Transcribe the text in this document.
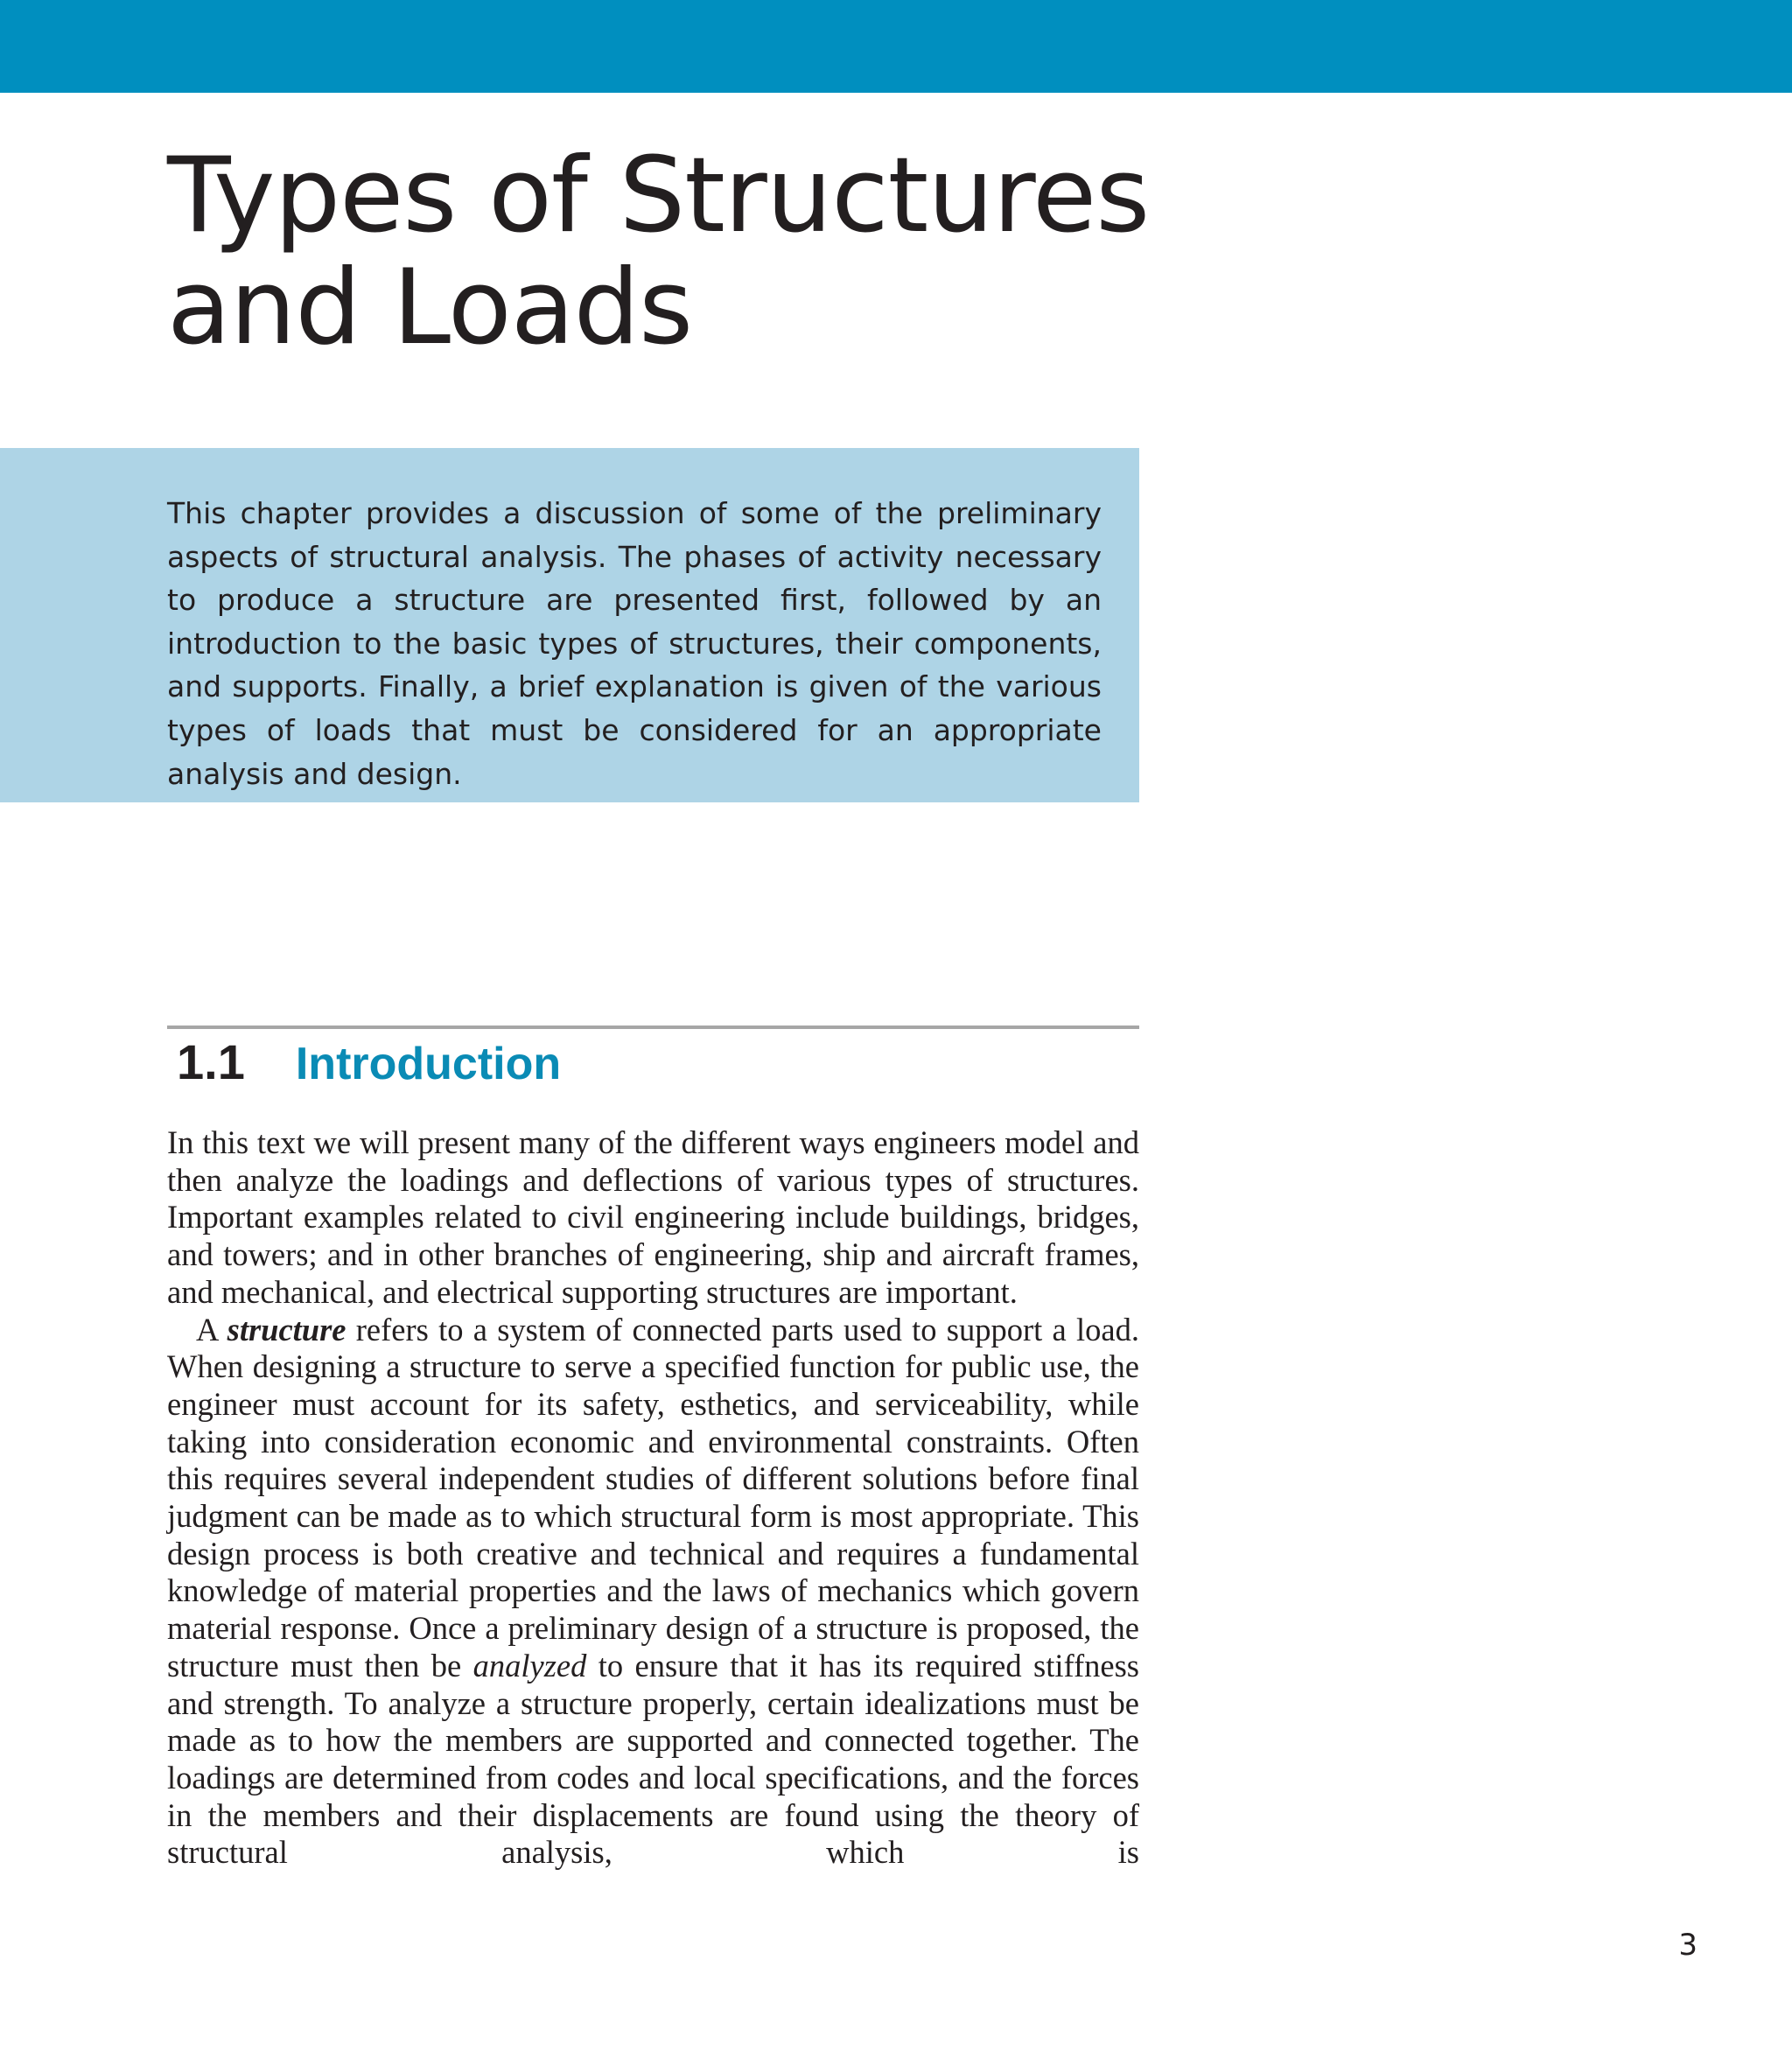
Types of Structures
and Loads

This chapter provides a discussion of some of the preliminary aspects of structural analysis. The phases of activity necessary to produce a structure are presented first, followed by an introduction to the basic types of structures, their components, and supports. Finally, a brief explanation is given of the various types of loads that must be considered for an appropriate analysis and design.

1.1 Introduction

In this text we will present many of the different ways engineers model and then analyze the loadings and deflections of various types of structures. Important examples related to civil engineering include buildings, bridges, and towers; and in other branches of engineering, ship and aircraft frames, and mechanical, and electrical supporting structures are important.

A structure refers to a system of connected parts used to support a load. When designing a structure to serve a specified function for public use, the engineer must account for its safety, esthetics, and serviceability, while taking into consideration economic and environmental constraints. Often this requires several independent studies of different solutions before final judgment can be made as to which structural form is most appropriate. This design process is both creative and technical and requires a fundamental knowledge of material properties and the laws of mechanics which govern material response. Once a preliminary design of a structure is proposed, the structure must then be analyzed to ensure that it has its required stiffness and strength. To analyze a structure properly, certain idealizations must be made as to how the members are supported and connected together. The loadings are determined from codes and local specifications, and the forces in the members and their displacements are found using the theory of structural analysis, which is

3
